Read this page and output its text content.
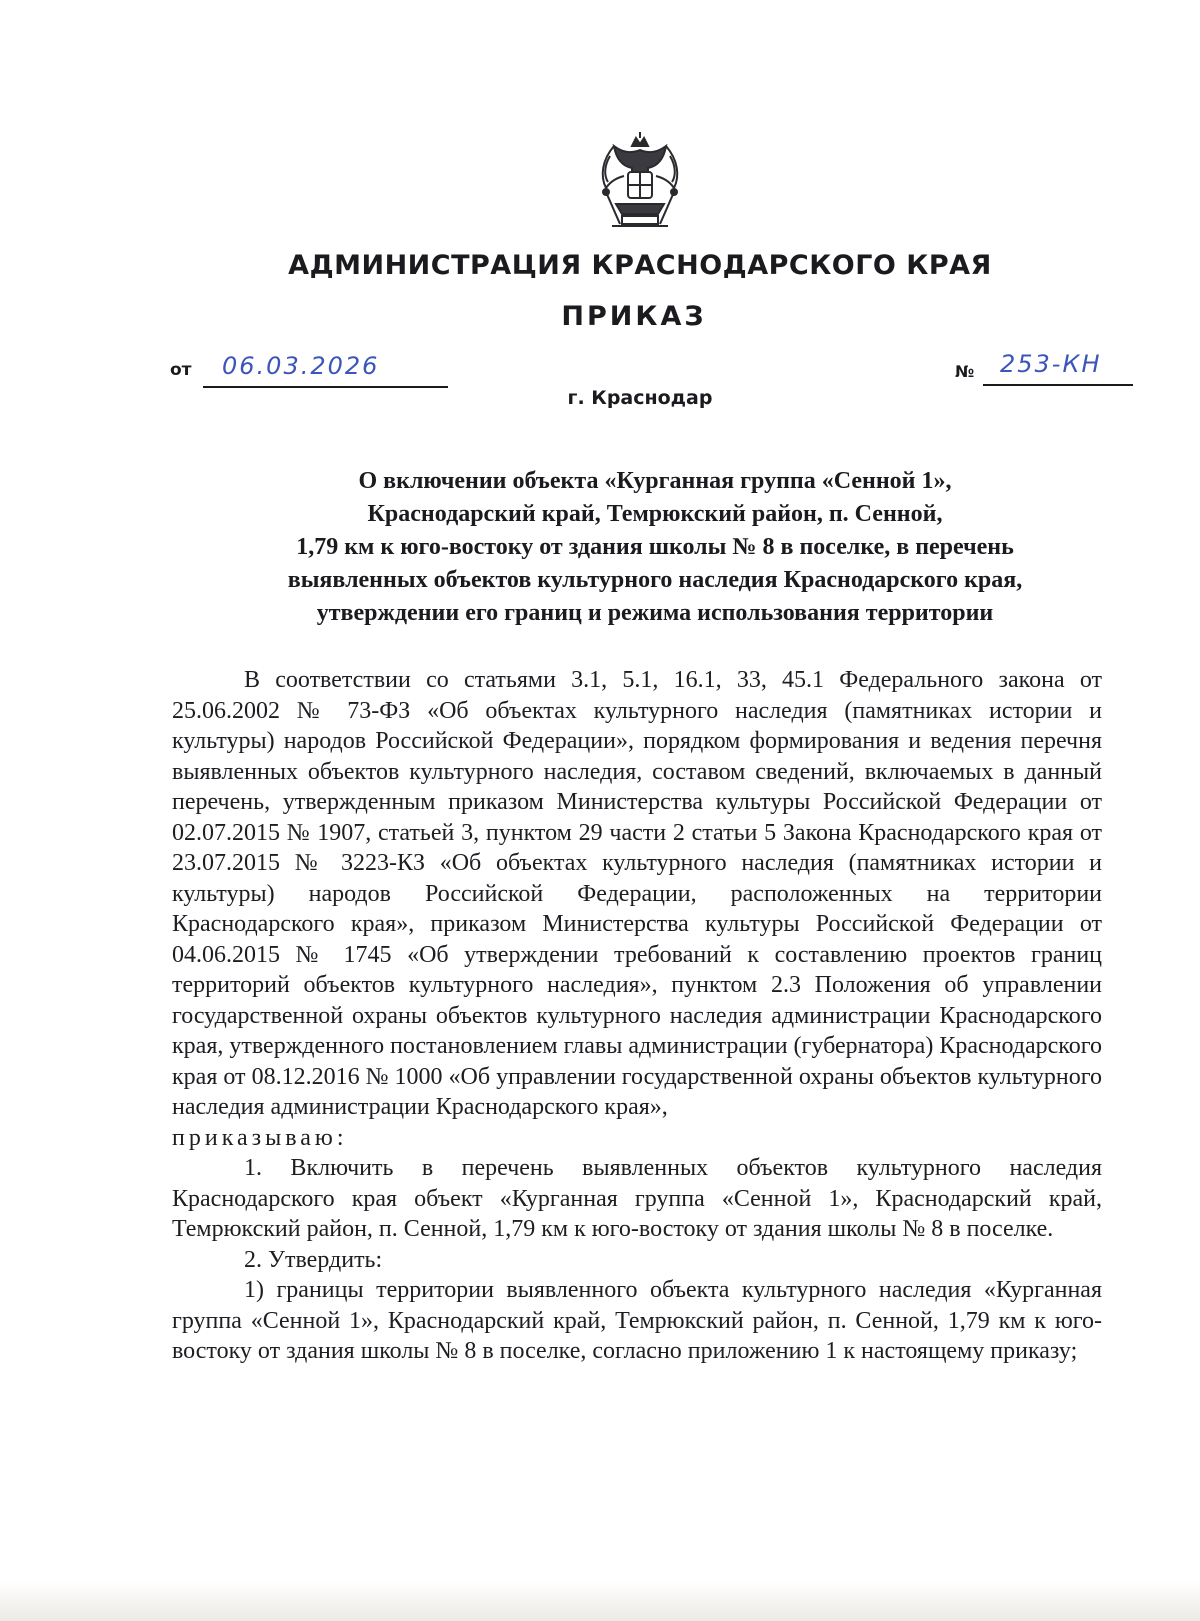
АДМИНИСТРАЦИЯ КРАСНОДАРСКОГО КРАЯ
ПРИКАЗ
от 06.03.2026	№ 253-КН
г. Краснодар
О включении объекта «Курганная группа «Сенной 1»,
Краснодарский край, Темрюкский район, п. Сенной,
1,79 км к юго-востоку от здания школы № 8 в поселке, в перечень
выявленных объектов культурного наследия Краснодарского края,
утверждении его границ и режима использования территории

В соответствии со статьями 3.1, 5.1, 16.1, 33, 45.1 Федерального закона от 25.06.2002 № 73-ФЗ «Об объектах культурного наследия (памятниках истории и культуры) народов Российской Федерации», порядком формирования и ведения перечня выявленных объектов культурного наследия, составом сведений, включаемых в данный перечень, утвержденным приказом Министерства культуры Российской Федерации от 02.07.2015 № 1907, статьей 3, пунктом 29 части 2 статьи 5 Закона Краснодарского края от 23.07.2015 № 3223-КЗ «Об объектах культурного наследия (памятниках истории и культуры) народов Российской Федерации, расположенных на территории Краснодарского края», приказом Министерства культуры Российской Федерации от 04.06.2015 № 1745 «Об утверждении требований к составлению проектов границ территорий объектов культурного наследия», пунктом 2.3 Положения об управлении государственной охраны объектов культурного наследия администрации Краснодарского края, утвержденного постановлением главы администрации (губернатора) Краснодарского края от 08.12.2016 № 1000 «Об управлении государственной охраны объектов культурного наследия администрации Краснодарского края»,

приказываю:

1. Включить в перечень выявленных объектов культурного наследия Краснодарского края объект «Курганная группа «Сенной 1», Краснодарский край, Темрюкский район, п. Сенной, 1,79 км к юго-востоку от здания школы № 8 в поселке.

2. Утвердить:

1) границы территории выявленного объекта культурного наследия «Курганная группа «Сенной 1», Краснодарский край, Темрюкский район, п. Сенной, 1,79 км к юго-востоку от здания школы № 8 в поселке, согласно приложению 1 к настоящему приказу;
